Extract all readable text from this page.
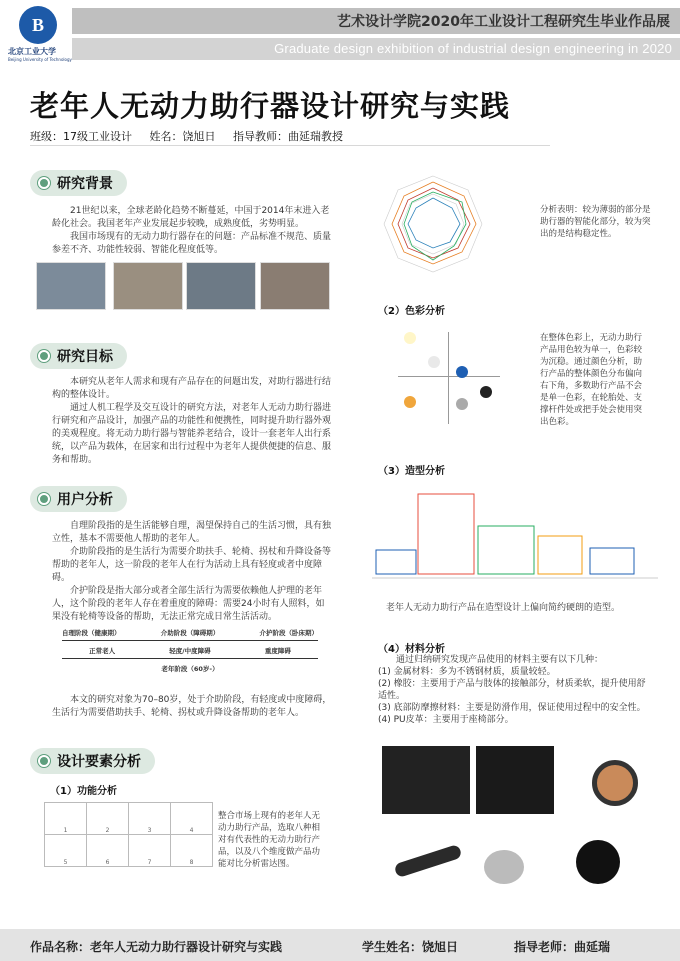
B
北京工业大学
Beijing University of Technology
艺术设计学院2020年工业设计工程研究生毕业作品展
Graduate design exhibition of industrial design engineering in 2020
老年人无动力助行器设计研究与实践
班级：17级工业设计 姓名：饶旭日 指导教师：曲延瑞教授
研究背景
21世纪以来，全球老龄化趋势不断蔓延，中国于2014年末进入老龄化社会。我国老年产业发展起步较晚，成熟度低，劣势明显。
我国市场现有的无动力助行器存在的问题：产品标准不规范、质量参差不齐、功能性较弱、智能化程度低等。
研究目标
本研究从老年人需求和现有产品存在的问题出发，对助行器进行结构的整体设计。
通过人机工程学及交互设计的研究方法，对老年人无动力助行器进行研究和产品设计，加强产品的功能性和便携性，同时提升助行器外观的美观程度。将无动力助行器与智能养老结合，设计一套老年人出行系统，以产品为载体，在居家和出行过程中为老年人提供便捷的信息、服务和帮助。
用户分析
自理阶段指的是生活能够自理，渴望保持自己的生活习惯，具有独立性，基本不需要他人帮助的老年人。
介助阶段指的是生活行为需要介助扶手、轮椅、拐杖和升降设备等帮助的老年人，这一阶段的老年人在行为活动上具有轻度或者中度障碍。
介护阶段是指大部分或者全部生活行为需要依赖他人护理的老年人，这个阶段的老年人存在着重度的障碍：需要24小时有人照料，如果没有轮椅等设备的帮助，无法正常完成日常生活活动。
自理阶段（健康期）	介助阶段（障碍期）	介护阶段（卧床期）
正常老人	轻度/中度障碍	重度障碍
老年阶段（60岁-）
本文的研究对象为70–80岁，处于介助阶段，有轻度或中度障碍，生活行为需要借助扶手、轮椅、拐杖或升降设备帮助的老年人。
设计要素分析
（1）功能分析
1	2	3	4
5	6	7	8
整合市场上现有的老年人无动力助行产品，选取八种相对有代表性的无动力助行产品，以及八个维度做产品功能对比分析雷达图。
分析表明：较为薄弱的部分是助行器的智能化部分，较为突出的是结构稳定性。
（2）色彩分析
在整体色彩上，无动力助行产品用色较为单一，色彩较为沉稳。通过颜色分析，助行产品的整体颜色分布偏向右下角，多数助行产品不会是单一色彩，在轮胎处、支撑杆件处或把手处会使用突出色彩。
（3）造型分析
老年人无动力助行产品在造型设计上偏向简约硬朗的造型。
（4）材料分析
通过归纳研究发现产品使用的材料主要有以下几种：
(1) 金属材料：多为不锈钢材质，质量较轻。
(2) 橡胶：主要用于产品与肢体的接触部分，材质柔软，提升使用舒适性。
(3) 底部防摩擦材料：主要是防滑作用，保证使用过程中的安全性。
(4) PU皮革：主要用于座椅部分。
作品名称：老年人无动力助行器设计研究与实践	学生姓名：饶旭日	指导老师：曲延瑞
